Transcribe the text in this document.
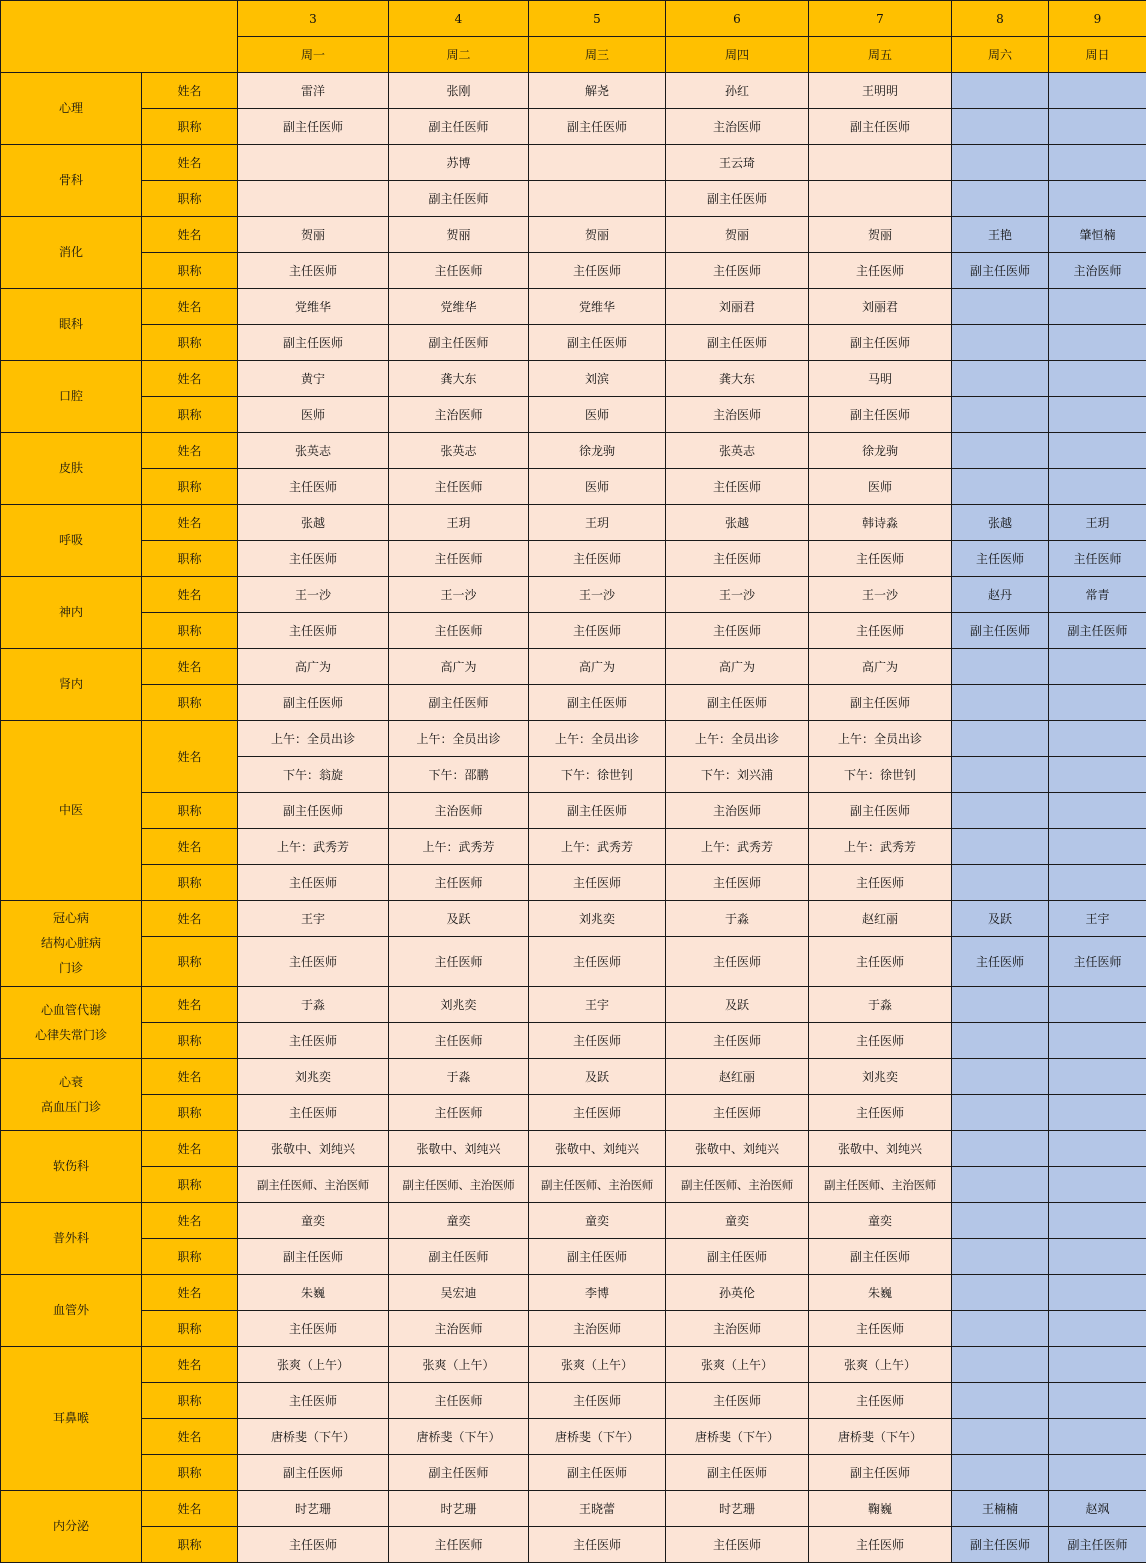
		3	4	5	6	7	8	9
		周一	周二	周三	周四	周五	周六	周日

心理	姓名	雷洋	张刚	解尧	孙红	王明明		
	职称	副主任医师	副主任医师	副主任医师	主治医师	副主任医师		

骨科	姓名		苏博		王云琦			
	职称		副主任医师		副主任医师			

消化	姓名	贺丽	贺丽	贺丽	贺丽	贺丽	王艳	肇恒楠
	职称	主任医师	主任医师	主任医师	主任医师	主任医师	副主任医师	主治医师

眼科	姓名	党维华	党维华	党维华	刘丽君	刘丽君		
	职称	副主任医师	副主任医师	副主任医师	副主任医师	副主任医师		

口腔	姓名	黄宁	龚大东	刘滨	龚大东	马明		
	职称	医师	主治医师	医师	主治医师	副主任医师		

皮肤	姓名	张英志	张英志	徐龙驹	张英志	徐龙驹		
	职称	主任医师	主任医师	医师	主任医师	医师		

呼吸	姓名	张越	王玥	王玥	张越	韩诗淼	张越	王玥
	职称	主任医师	主任医师	主任医师	主任医师	主任医师	主任医师	主任医师

神内	姓名	王一沙	王一沙	王一沙	王一沙	王一沙	赵丹	常青
	职称	主任医师	主任医师	主任医师	主任医师	主任医师	副主任医师	副主任医师

肾内	姓名	高广为	高广为	高广为	高广为	高广为		
	职称	副主任医师	副主任医师	副主任医师	副主任医师	副主任医师		

中医	姓名	上午：全员出诊	上午：全员出诊	上午：全员出诊	上午：全员出诊	上午：全员出诊		
		下午：翁旋	下午：邵鹏	下午：徐世钊	下午：刘兴浦	下午：徐世钊		
	职称	副主任医师	主治医师	副主任医师	主治医师	副主任医师		
	姓名	上午：武秀芳	上午：武秀芳	上午：武秀芳	上午：武秀芳	上午：武秀芳		
	职称	主任医师	主任医师	主任医师	主任医师	主任医师		

冠心病
结构心脏病
门诊	姓名	王宇	及跃	刘兆奕	于淼	赵红丽	及跃	王宇
	职称	主任医师	主任医师	主任医师	主任医师	主任医师	主任医师	主任医师

心血管代谢
心律失常门诊	姓名	于淼	刘兆奕	王宇	及跃	于淼		
	职称	主任医师	主任医师	主任医师	主任医师	主任医师		

心衰
高血压门诊	姓名	刘兆奕	于淼	及跃	赵红丽	刘兆奕		
	职称	主任医师	主任医师	主任医师	主任医师	主任医师		

软伤科	姓名	张敬中、刘纯兴	张敬中、刘纯兴	张敬中、刘纯兴	张敬中、刘纯兴	张敬中、刘纯兴		
	职称	副主任医师、主治医师	副主任医师、主治医师	副主任医师、主治医师	副主任医师、主治医师	副主任医师、主治医师		

普外科	姓名	童奕	童奕	童奕	童奕	童奕		
	职称	副主任医师	副主任医师	副主任医师	副主任医师	副主任医师		

血管外	姓名	朱巍	吴宏迪	李博	孙英伦	朱巍		
	职称	主任医师	主治医师	主治医师	主治医师	主任医师		

耳鼻喉	姓名	张爽（上午）	张爽（上午）	张爽（上午）	张爽（上午）	张爽（上午）		
	职称	主任医师	主任医师	主任医师	主任医师	主任医师		
	姓名	唐桥斐（下午）	唐桥斐（下午）	唐桥斐（下午）	唐桥斐（下午）	唐桥斐（下午）		
	职称	副主任医师	副主任医师	副主任医师	副主任医师	副主任医师		

内分泌	姓名	时艺珊	时艺珊	王晓蕾	时艺珊	鞠巍	王楠楠	赵飒
	职称	主任医师	主任医师	主任医师	主任医师	主任医师	副主任医师	副主任医师
